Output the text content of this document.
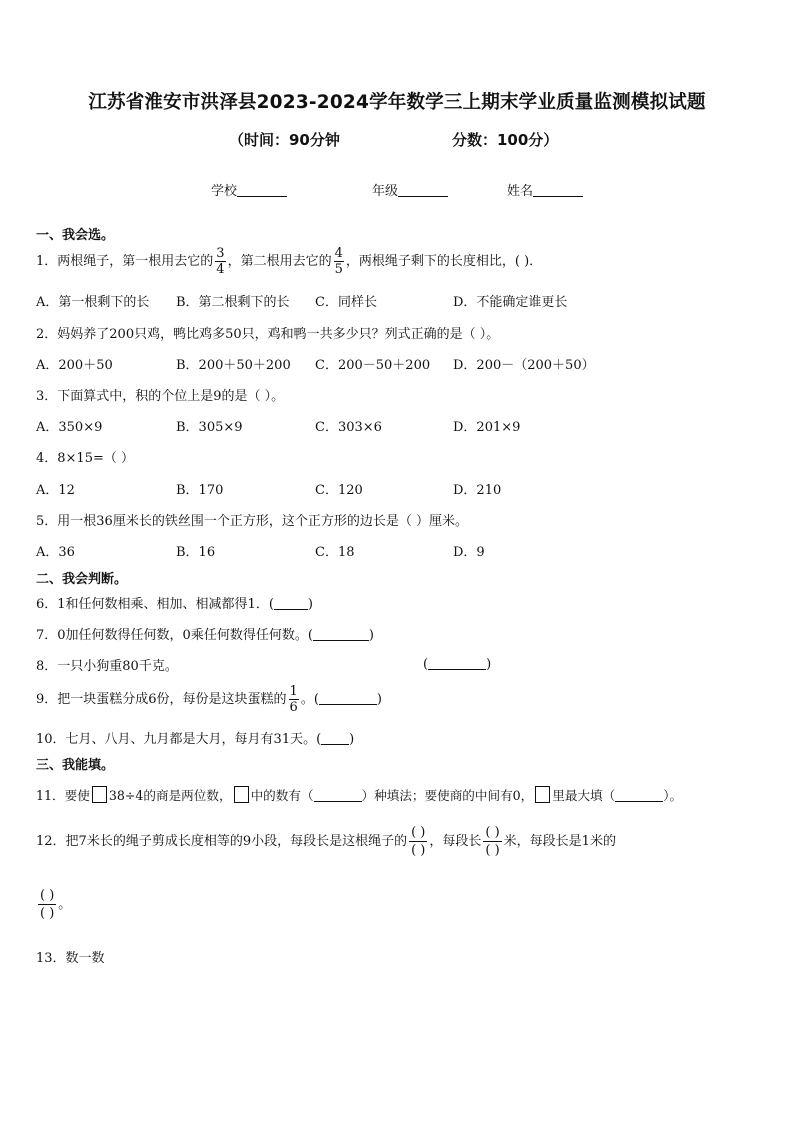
江苏省淮安市洪泽县2023-2024学年数学三上期末学业质量监测模拟试题
（时间：90分钟	分数：100分）
学校	年级	姓名
一、我会选。
1．两根绳子，第一根用去它的 $\frac{3}{4}$ ，第二根用去它的 $\frac{4}{5}$ ，两根绳子剩下的长度相比，( )．
A．第一根剩下的长 B．第二根剩下的长 C．同样长	D．不能确定谁更长
2．妈妈养了200只鸡，鸭比鸡多50只，鸡和鸭一共多少只？列式正确的是（ ）。
A．200＋50	B．200＋50＋200 C．200－50＋200 D．200－（200＋50）
3．下面算式中，积的个位上是9的是（ ）。
A．350×9	B．305×9	C．303×6	D．201×9
4．8×15=（ ）
A．12	B．170	C．120	D．210
5．用一根36厘米长的铁丝围一个正方形，这个正方形的边长是（ ）厘米。
A．36	B．16	C．18	D．9
二、我会判断。
6．1和任何数相乘、相加、相减都得1．(	)
7．0加任何数得任何数，0乘任何数得任何数。(	)
8．一只小狗重80千克。	(	)
9．把一块蛋糕分成6份，每份是这块蛋糕的 $\frac{1}{6}$ 。(	)
10．七月、八月、九月都是大月，每月有31天。( )
三、我能填。
11．要使 38÷4的商是两位数， 中的数有（	）种填法；要使商的中间有0， 里最大填（	）。
12．把7米长的绳子剪成长度相等的9小段，每段长是这根绳子的
( )
( )
，每段长
( )
( )
米，每段长是1米的
( )
( )
。
13．数一数
